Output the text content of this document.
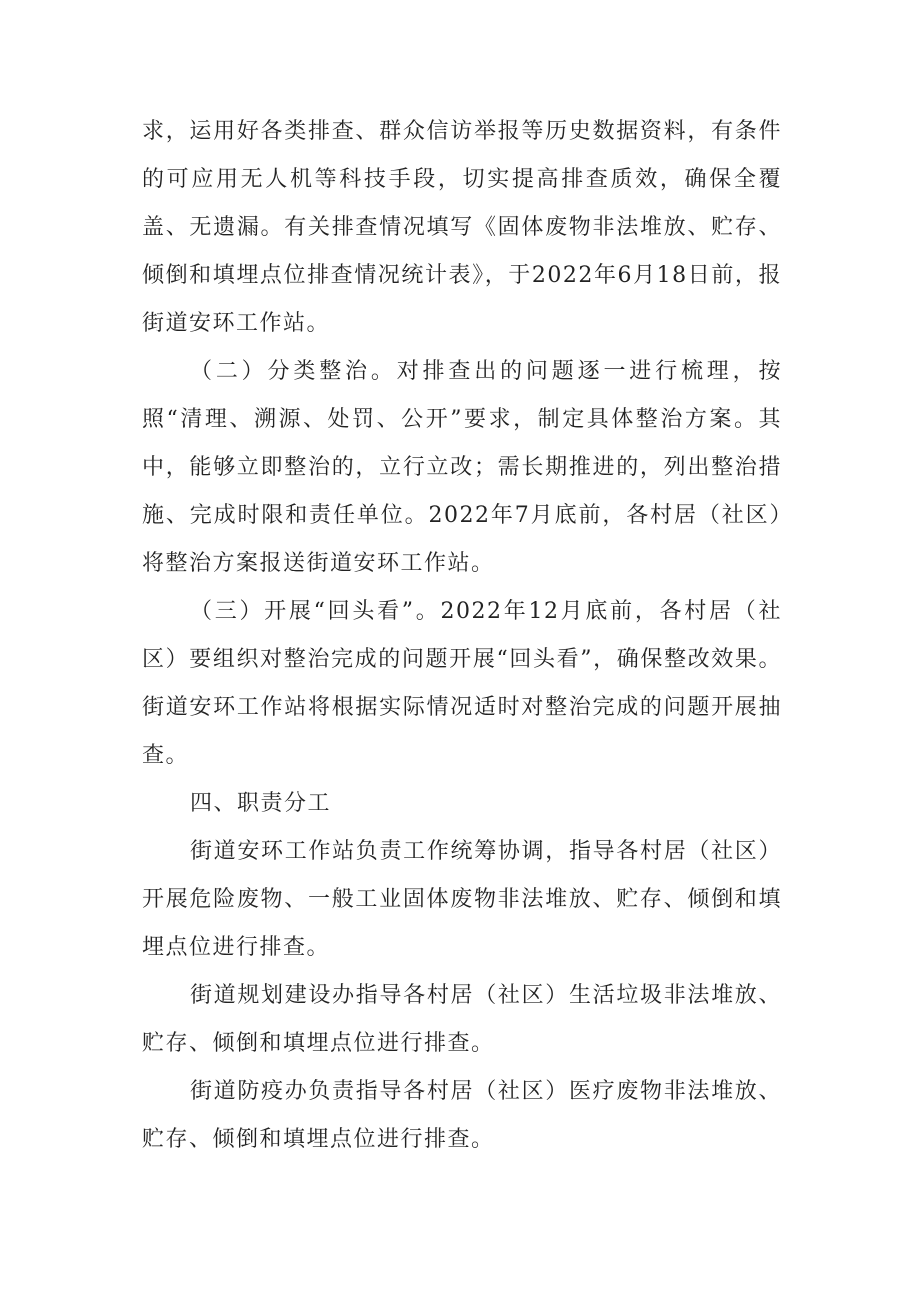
求，运用好各类排查、群众信访举报等历史数据资料，有条件的可应用无人机等科技手段，切实提高排查质效，确保全覆盖、无遗漏。有关排查情况填写《固体废物非法堆放、贮存、倾倒和填埋点位排查情况统计表》，于2022年6月18日前，报街道安环工作站。

（二）分类整治。对排查出的问题逐一进行梳理，按照“清理、溯源、处罚、公开”要求，制定具体整治方案。其中，能够立即整治的，立行立改；需长期推进的，列出整治措施、完成时限和责任单位。2022年7月底前，各村居（社区）将整治方案报送街道安环工作站。

（三）开展“回头看”。2022年12月底前，各村居（社区）要组织对整治完成的问题开展“回头看”，确保整改效果。街道安环工作站将根据实际情况适时对整治完成的问题开展抽查。

四、职责分工

街道安环工作站负责工作统筹协调，指导各村居（社区）开展危险废物、一般工业固体废物非法堆放、贮存、倾倒和填埋点位进行排查。

街道规划建设办指导各村居（社区）生活垃圾非法堆放、贮存、倾倒和填埋点位进行排查。

街道防疫办负责指导各村居（社区）医疗废物非法堆放、贮存、倾倒和填埋点位进行排查。
